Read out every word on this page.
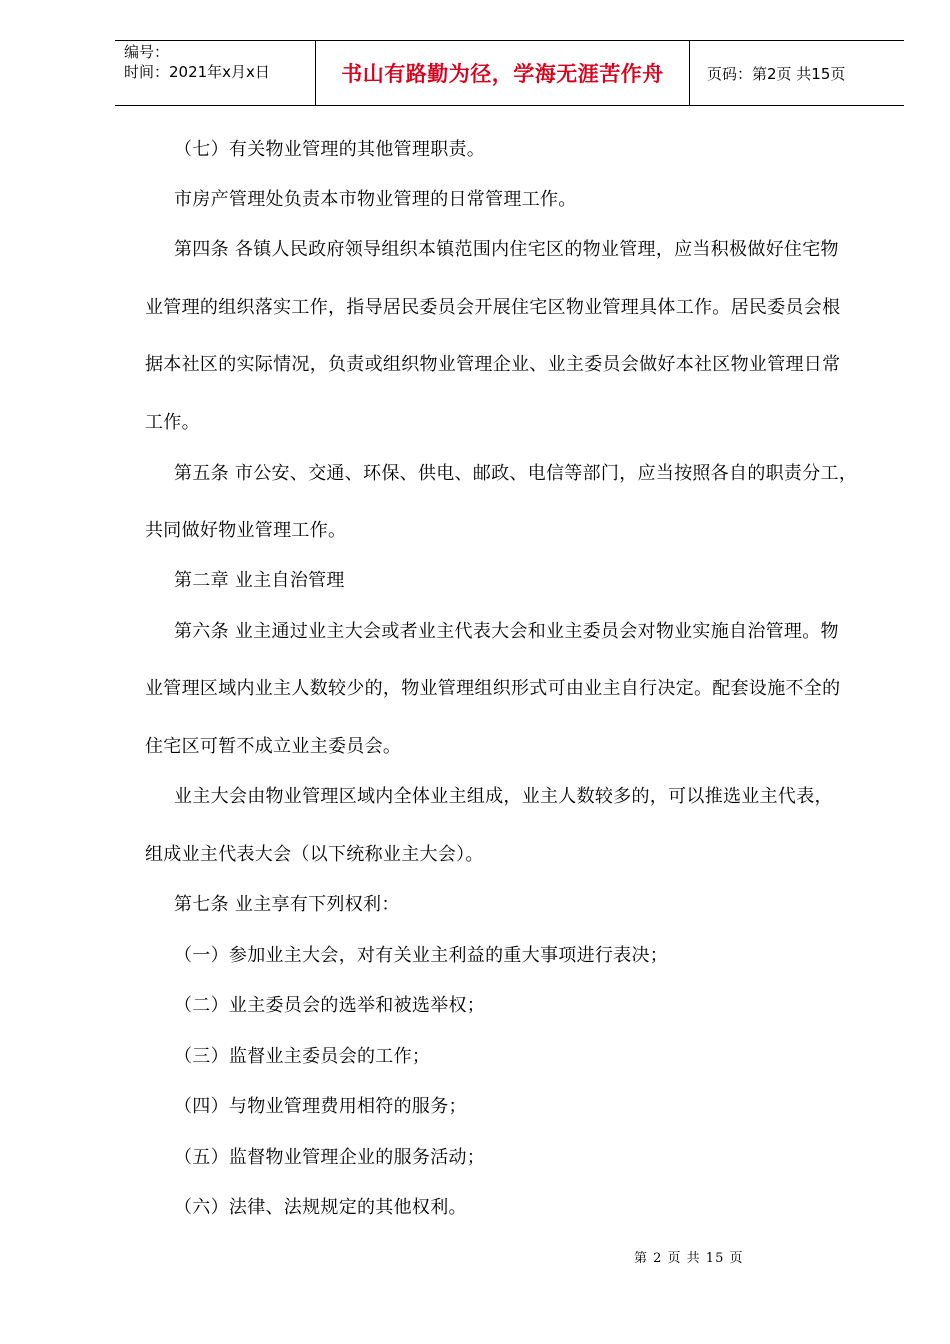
编号：
时间：2021年x月x日	书山有路勤为径，学海无涯苦作舟	页码：第2页 共15页
（七）有关物业管理的其他管理职责。
市房产管理处负责本市物业管理的日常管理工作。
第四条 各镇人民政府领导组织本镇范围内住宅区的物业管理，应当积极做好住宅物
业管理的组织落实工作，指导居民委员会开展住宅区物业管理具体工作。居民委员会根
据本社区的实际情况，负责或组织物业管理企业、业主委员会做好本社区物业管理日常
工作。
第五条 市公安、交通、环保、供电、邮政、电信等部门，应当按照各自的职责分工，
共同做好物业管理工作。
第二章 业主自治管理
第六条 业主通过业主大会或者业主代表大会和业主委员会对物业实施自治管理。物
业管理区域内业主人数较少的，物业管理组织形式可由业主自行决定。配套设施不全的
住宅区可暂不成立业主委员会。
业主大会由物业管理区域内全体业主组成，业主人数较多的，可以推选业主代表，
组成业主代表大会（以下统称业主大会）。
第七条 业主享有下列权利：
（一）参加业主大会，对有关业主利益的重大事项进行表决；
（二）业主委员会的选举和被选举权；
（三）监督业主委员会的工作；
（四）与物业管理费用相符的服务；
（五）监督物业管理企业的服务活动；
（六）法律、法规规定的其他权利。
第 2 页 共 15 页
